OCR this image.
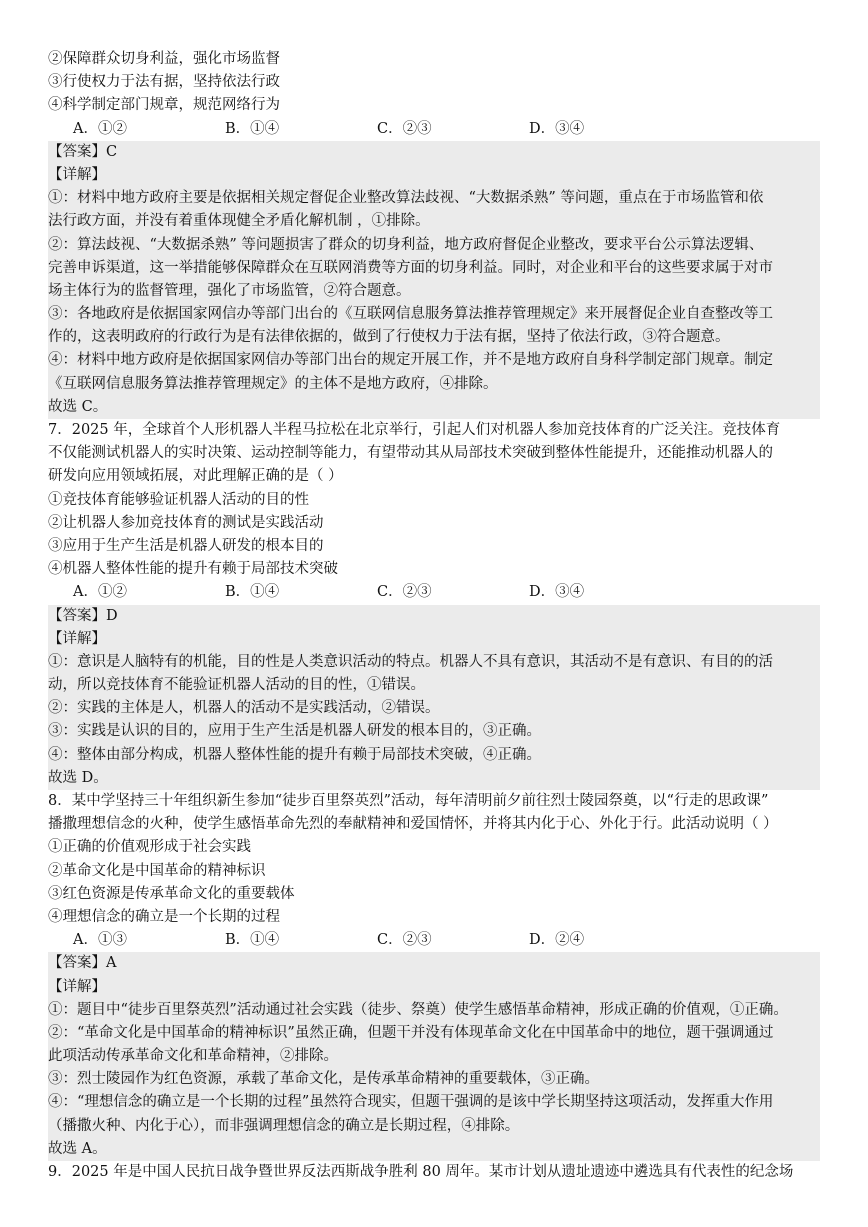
②保障群众切身利益，强化市场监督
③行使权力于法有据，坚持依法行政
④科学制定部门规章，规范网络行为
A．①②	B．①④	C．②③	D．③④
【答案】C
【详解】
①：材料中地方政府主要是依据相关规定督促企业整改算法歧视、“大数据杀熟” 等问题，重点在于市场监管和依
法行政方面，并没有着重体现健全矛盾化解机制 ，①排除。
②：算法歧视、“大数据杀熟” 等问题损害了群众的切身利益，地方政府督促企业整改，要求平台公示算法逻辑、
完善申诉渠道，这一举措能够保障群众在互联网消费等方面的切身利益。同时，对企业和平台的这些要求属于对市
场主体行为的监督管理，强化了市场监管，②符合题意。
③：各地政府是依据国家网信办等部门出台的《互联网信息服务算法推荐管理规定》来开展督促企业自查整改等工
作的，这表明政府的行政行为是有法律依据的，做到了行使权力于法有据，坚持了依法行政，③符合题意。
④：材料中地方政府是依据国家网信办等部门出台的规定开展工作，并不是地方政府自身科学制定部门规章。制定
《互联网信息服务算法推荐管理规定》的主体不是地方政府，④排除。
故选 C。
7．2025 年，全球首个人形机器人半程马拉松在北京举行，引起人们对机器人参加竞技体育的广泛关注。竞技体育
不仅能测试机器人的实时决策、运动控制等能力，有望带动其从局部技术突破到整体性能提升，还能推动机器人的
研发向应用领域拓展，对此理解正确的是（ ）
①竞技体育能够验证机器人活动的目的性
②让机器人参加竞技体育的测试是实践活动
③应用于生产生活是机器人研发的根本目的
④机器人整体性能的提升有赖于局部技术突破
A．①②	B．①④	C．②③	D．③④
【答案】D
【详解】
①：意识是人脑特有的机能，目的性是人类意识活动的特点。机器人不具有意识，其活动不是有意识、有目的的活
动，所以竞技体育不能验证机器人活动的目的性，①错误。
②：实践的主体是人，机器人的活动不是实践活动，②错误。
③：实践是认识的目的，应用于生产生活是机器人研发的根本目的，③正确。
④：整体由部分构成，机器人整体性能的提升有赖于局部技术突破，④正确。
故选 D。
8．某中学坚持三十年组织新生参加“徒步百里祭英烈”活动，每年清明前夕前往烈士陵园祭奠，以“行走的思政课”
播撒理想信念的火种，使学生感悟革命先烈的奉献精神和爱国情怀，并将其内化于心、外化于行。此活动说明（ ）
①正确的价值观形成于社会实践
②革命文化是中国革命的精神标识
③红色资源是传承革命文化的重要载体
④理想信念的确立是一个长期的过程
A．①③	B．①④	C．②③	D．②④
【答案】A
【详解】
①：题目中“徒步百里祭英烈”活动通过社会实践（徒步、祭奠）使学生感悟革命精神，形成正确的价值观，①正确。
②：“革命文化是中国革命的精神标识”虽然正确，但题干并没有体现革命文化在中国革命中的地位，题干强调通过
此项活动传承革命文化和革命精神，②排除。
③：烈士陵园作为红色资源，承载了革命文化，是传承革命精神的重要载体，③正确。
④：“理想信念的确立是一个长期的过程”虽然符合现实，但题干强调的是该中学长期坚持这项活动，发挥重大作用
（播撒火种、内化于心），而非强调理想信念的确立是长期过程，④排除。
故选 A。
9．2025 年是中国人民抗日战争暨世界反法西斯战争胜利 80 周年。某市计划从遗址遗迹中遴选具有代表性的纪念场
